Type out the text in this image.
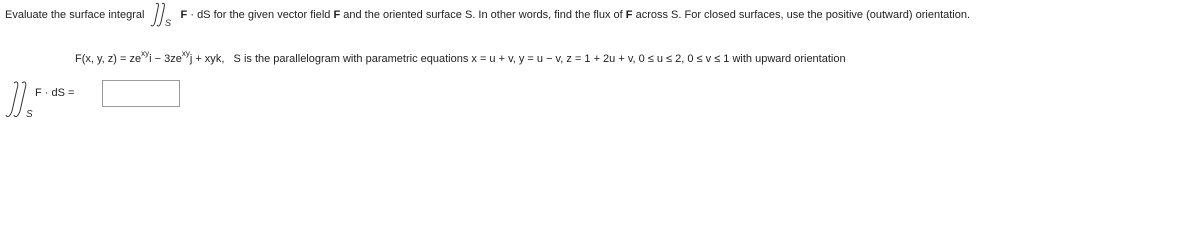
Evaluate the surface integral
S
F · dS for the given vector field F and the oriented surface S. In other words, find the flux of F across S. For closed surfaces, use the positive (outward) orientation.
F(x, y, $z) = ze^{xy}i - 3ze^{xy}j$ + xyk, S is the parallelogram with parametric equations x = u + v, y = u − v, z = 1 + 2u + v, 0 ≤ u ≤ 2, 0 ≤ v ≤ 1 with upward orientation
S
F · dS =
